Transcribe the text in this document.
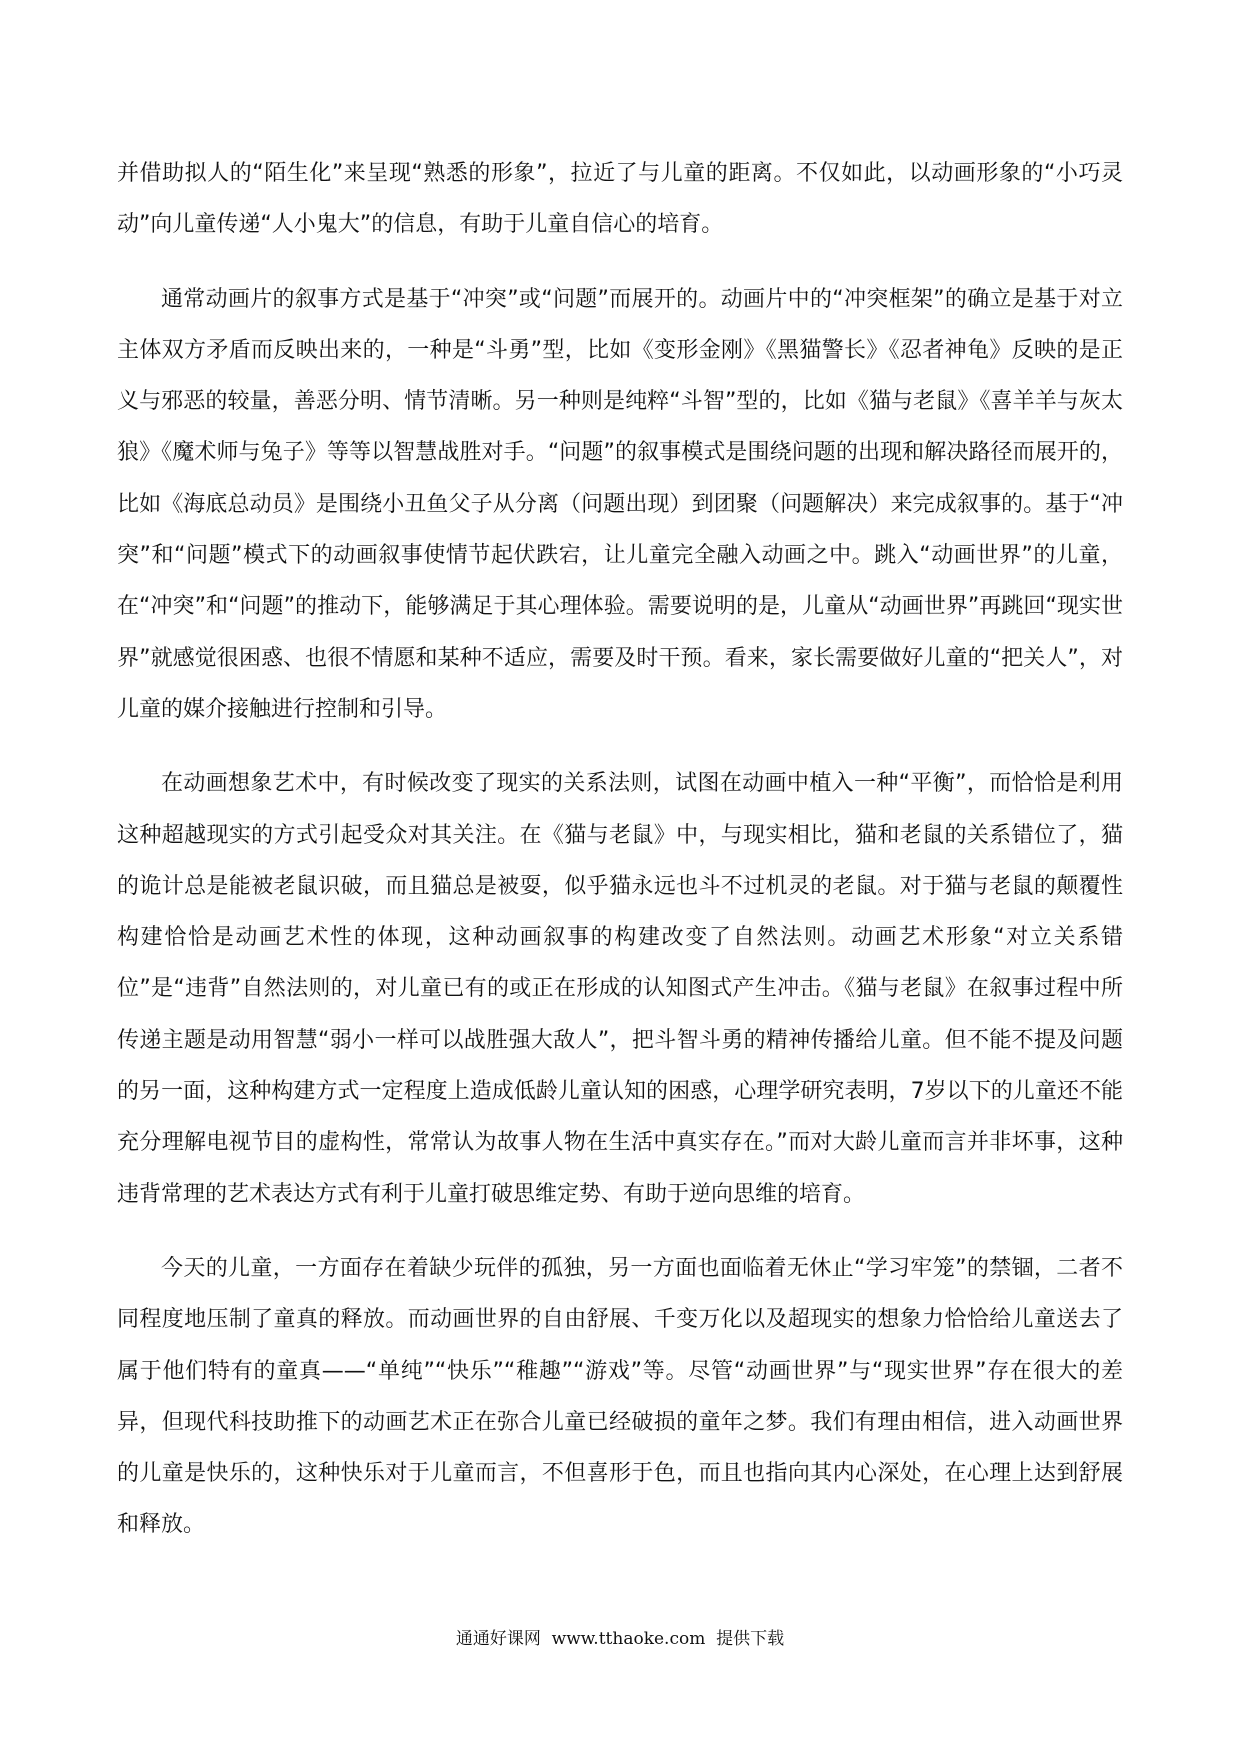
并借助拟人的“陌生化”来呈现“熟悉的形象”，拉近了与儿童的距离。不仅如此，以动画形象的“小巧灵动”向儿童传递“人小鬼大”的信息，有助于儿童自信心的培育。

通常动画片的叙事方式是基于“冲突”或“问题”而展开的。动画片中的“冲突框架”的确立是基于对立主体双方矛盾而反映出来的，一种是“斗勇”型，比如《变形金刚》《黑猫警长》《忍者神龟》反映的是正义与邪恶的较量，善恶分明、情节清晰。另一种则是纯粹“斗智”型的，比如《猫与老鼠》《喜羊羊与灰太狼》《魔术师与兔子》等等以智慧战胜对手。“问题”的叙事模式是围绕问题的出现和解决路径而展开的，比如《海底总动员》是围绕小丑鱼父子从分离（问题出现）到团聚（问题解决）来完成叙事的。基于“冲突”和“问题”模式下的动画叙事使情节起伏跌宕，让儿童完全融入动画之中。跳入“动画世界”的儿童，在“冲突”和“问题”的推动下，能够满足于其心理体验。需要说明的是，儿童从“动画世界”再跳回“现实世界”就感觉很困惑、也很不情愿和某种不适应，需要及时干预。看来，家长需要做好儿童的“把关人”，对儿童的媒介接触进行控制和引导。

在动画想象艺术中，有时候改变了现实的关系法则，试图在动画中植入一种“平衡”，而恰恰是利用这种超越现实的方式引起受众对其关注。在《猫与老鼠》中，与现实相比，猫和老鼠的关系错位了，猫的诡计总是能被老鼠识破，而且猫总是被耍，似乎猫永远也斗不过机灵的老鼠。对于猫与老鼠的颠覆性构建恰恰是动画艺术性的体现，这种动画叙事的构建改变了自然法则。动画艺术形象“对立关系错位”是“违背”自然法则的，对儿童已有的或正在形成的认知图式产生冲击。《猫与老鼠》在叙事过程中所传递主题是动用智慧“弱小一样可以战胜强大敌人”，把斗智斗勇的精神传播给儿童。但不能不提及问题的另一面，这种构建方式一定程度上造成低龄儿童认知的困惑，心理学研究表明，7岁以下的儿童还不能充分理解电视节目的虚构性，常常认为故事人物在生活中真实存在。”而对大龄儿童而言并非坏事，这种违背常理的艺术表达方式有利于儿童打破思维定势、有助于逆向思维的培育。

今天的儿童，一方面存在着缺少玩伴的孤独，另一方面也面临着无休止“学习牢笼”的禁锢，二者不同程度地压制了童真的释放。而动画世界的自由舒展、千变万化以及超现实的想象力恰恰给儿童送去了属于他们特有的童真——“单纯”“快乐”“稚趣”“游戏”等。尽管“动画世界”与“现实世界”存在很大的差异，但现代科技助推下的动画艺术正在弥合儿童已经破损的童年之梦。我们有理由相信，进入动画世界的儿童是快乐的，这种快乐对于儿童而言，不但喜形于色，而且也指向其内心深处，在心理上达到舒展和释放。

通通好课网  www.tthaoke.com  提供下载
